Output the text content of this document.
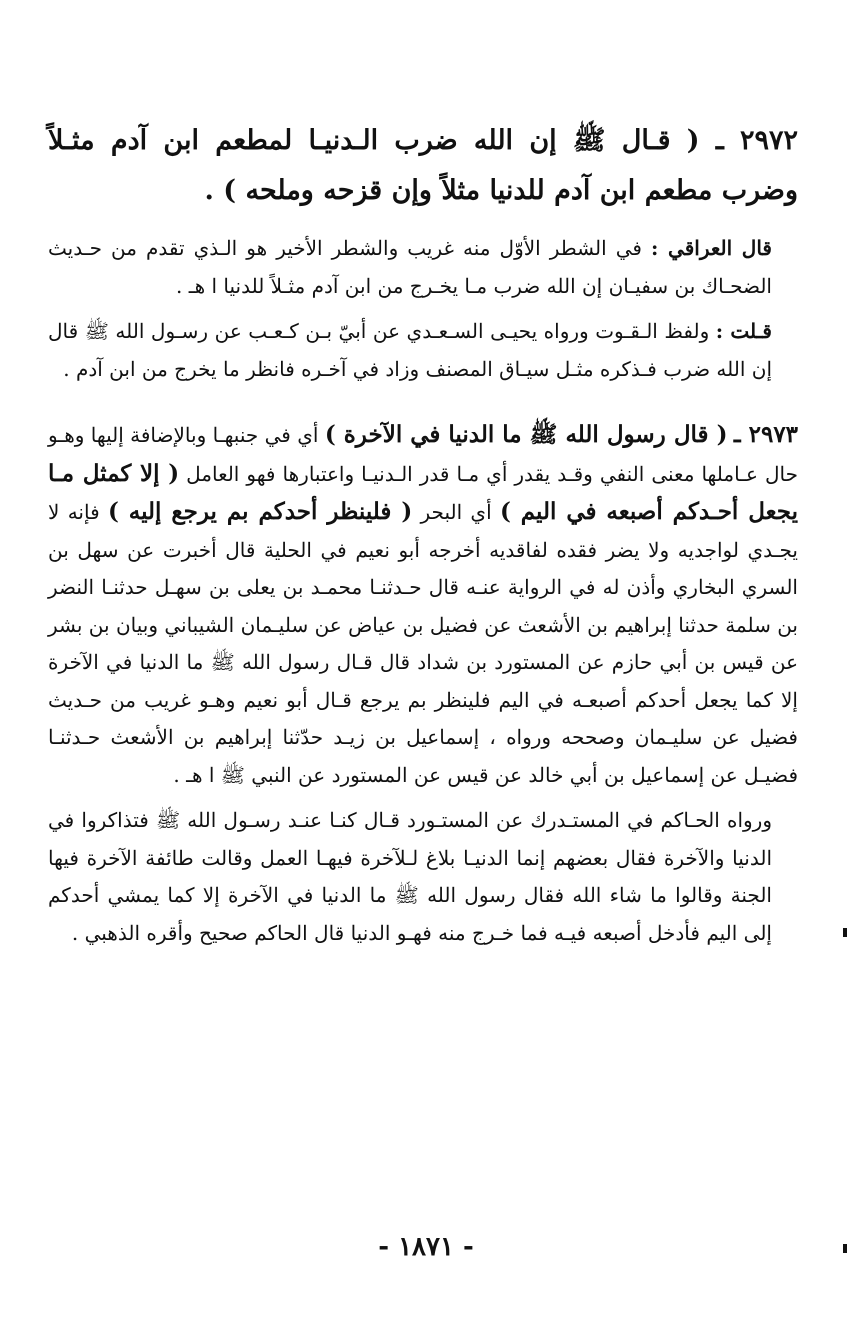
٢٩٧٢ ـ ( قـال ﷺ إن الله ضرب الـدنيـا لمطعم ابن آدم مثـلاً وضرب مطعم ابن آدم للدنيا مثلاً وإن قزحه وملحه ) .

قال العراقي : في الشطر الأوّل منه غريب والشطر الأخير هو الـذي تقدم من حـديث الضحـاك بن سفيـان إن الله ضرب مـا يخـرج من ابن آدم مثـلاً للدنيا ا هـ .

قـلت : ولفظ الـقـوت ورواه يحيـى السـعـدي عن أبيّ بـن كـعـب عن رسـول الله ﷺ قال إن الله ضرب فـذكره مثـل سيـاق المصنف وزاد في آخـره فانظر ما يخرج من ابن آدم .

٢٩٧٣ ـ ( قال رسول الله ﷺ ما الدنيا في الآخرة ) أي في جنبهـا وبالإضافة إليها وهـو حال عـاملها معنى النفي وقـد يقدر أي مـا قدر الـدنيـا واعتبارها فهو العامل ( إلا كمثل مـا يجعل أحـدكم أصبعه في اليم ) أي البحر ( فلينظر أحدكم بم يرجع إليه ) فإنه لا يجـدي لواجديه ولا يضر فقده لفاقديه أخرجه أبو نعيم في الحلية قال أخبرت عن سهل بن السري البخاري وأذن له في الرواية عنـه قال حـدثنـا محمـد بن يعلى بن سهـل حدثنـا النضر بن سلمة حدثنا إبراهيم بن الأشعث عن فضيل بن عياض عن سليـمان الشيباني وبيان بن بشر عن قيس بن أبي حازم عن المستورد بن شداد قال قـال رسول الله ﷺ ما الدنيا في الآخرة إلا كما يجعل أحدكم أصبعـه في اليم فلينظر بم يرجع قـال أبو نعيم وهـو غريب من حـديث فضيل عن سليـمان وصححه ورواه ، إسماعيل بن زيـد حدّثنا إبراهيم بن الأشعث حـدثنـا فضيـل عن إسماعيل بن أبي خالد عن قيس عن المستورد عن النبي ﷺ ا هـ .

ورواه الحـاكم في المستـدرك عن المستـورد قـال كنـا عنـد رسـول الله ﷺ فتذاكروا في الدنيا والآخرة فقال بعضهم إنما الدنيـا بلاغ لـلآخرة فيهـا العمل وقالت طائفة الآخرة فيها الجنة وقالوا ما شاء الله فقال رسول الله ﷺ ما الدنيا في الآخرة إلا كما يمشي أحدكم إلى اليم فأدخل أصبعه فيـه فما خـرج منه فهـو الدنيا قال الحاكم صحيح وأقره الذهبي .

- ١٨٧١ -
